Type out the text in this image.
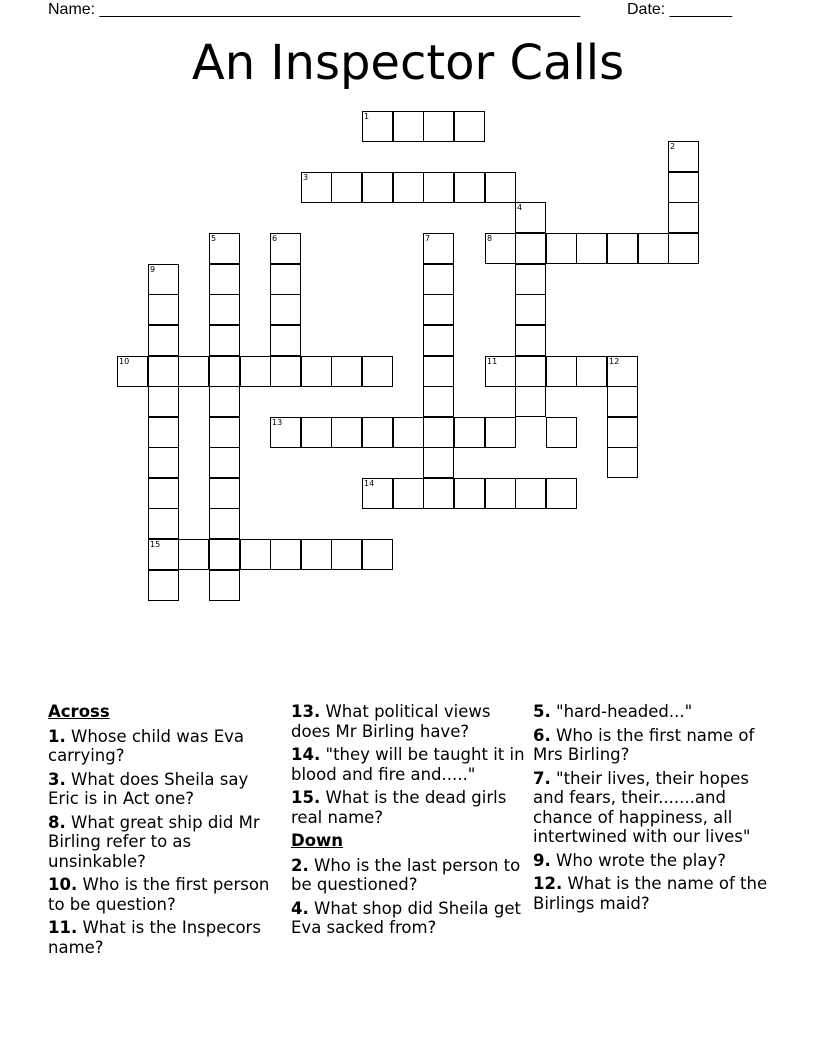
Name: ______________________________________________________	Date: _______
An Inspector Calls
1
2
3
4
5	6	7	8
9
15
10	11	12
13
14
Across
1. Whose child was Eva carrying?
3. What does Sheila say Eric is in Act one?
8. What great ship did Mr Birling refer to as unsinkable?
10. Who is the first person to be question?
11. What is the Inspecors name?
13. What political views does Mr Birling have?
14. "they will be taught it in blood and fire and....."
15. What is the dead girls real name?
Down
2. Who is the last person to be questioned?
4. What shop did Sheila get Eva sacked from?
5. "hard-headed..."
6. Who is the first name of Mrs Birling?
7. "their lives, their hopes and fears, their.......and chance of happiness, all intertwined with our lives"
9. Who wrote the play?
12. What is the name of the Birlings maid?
